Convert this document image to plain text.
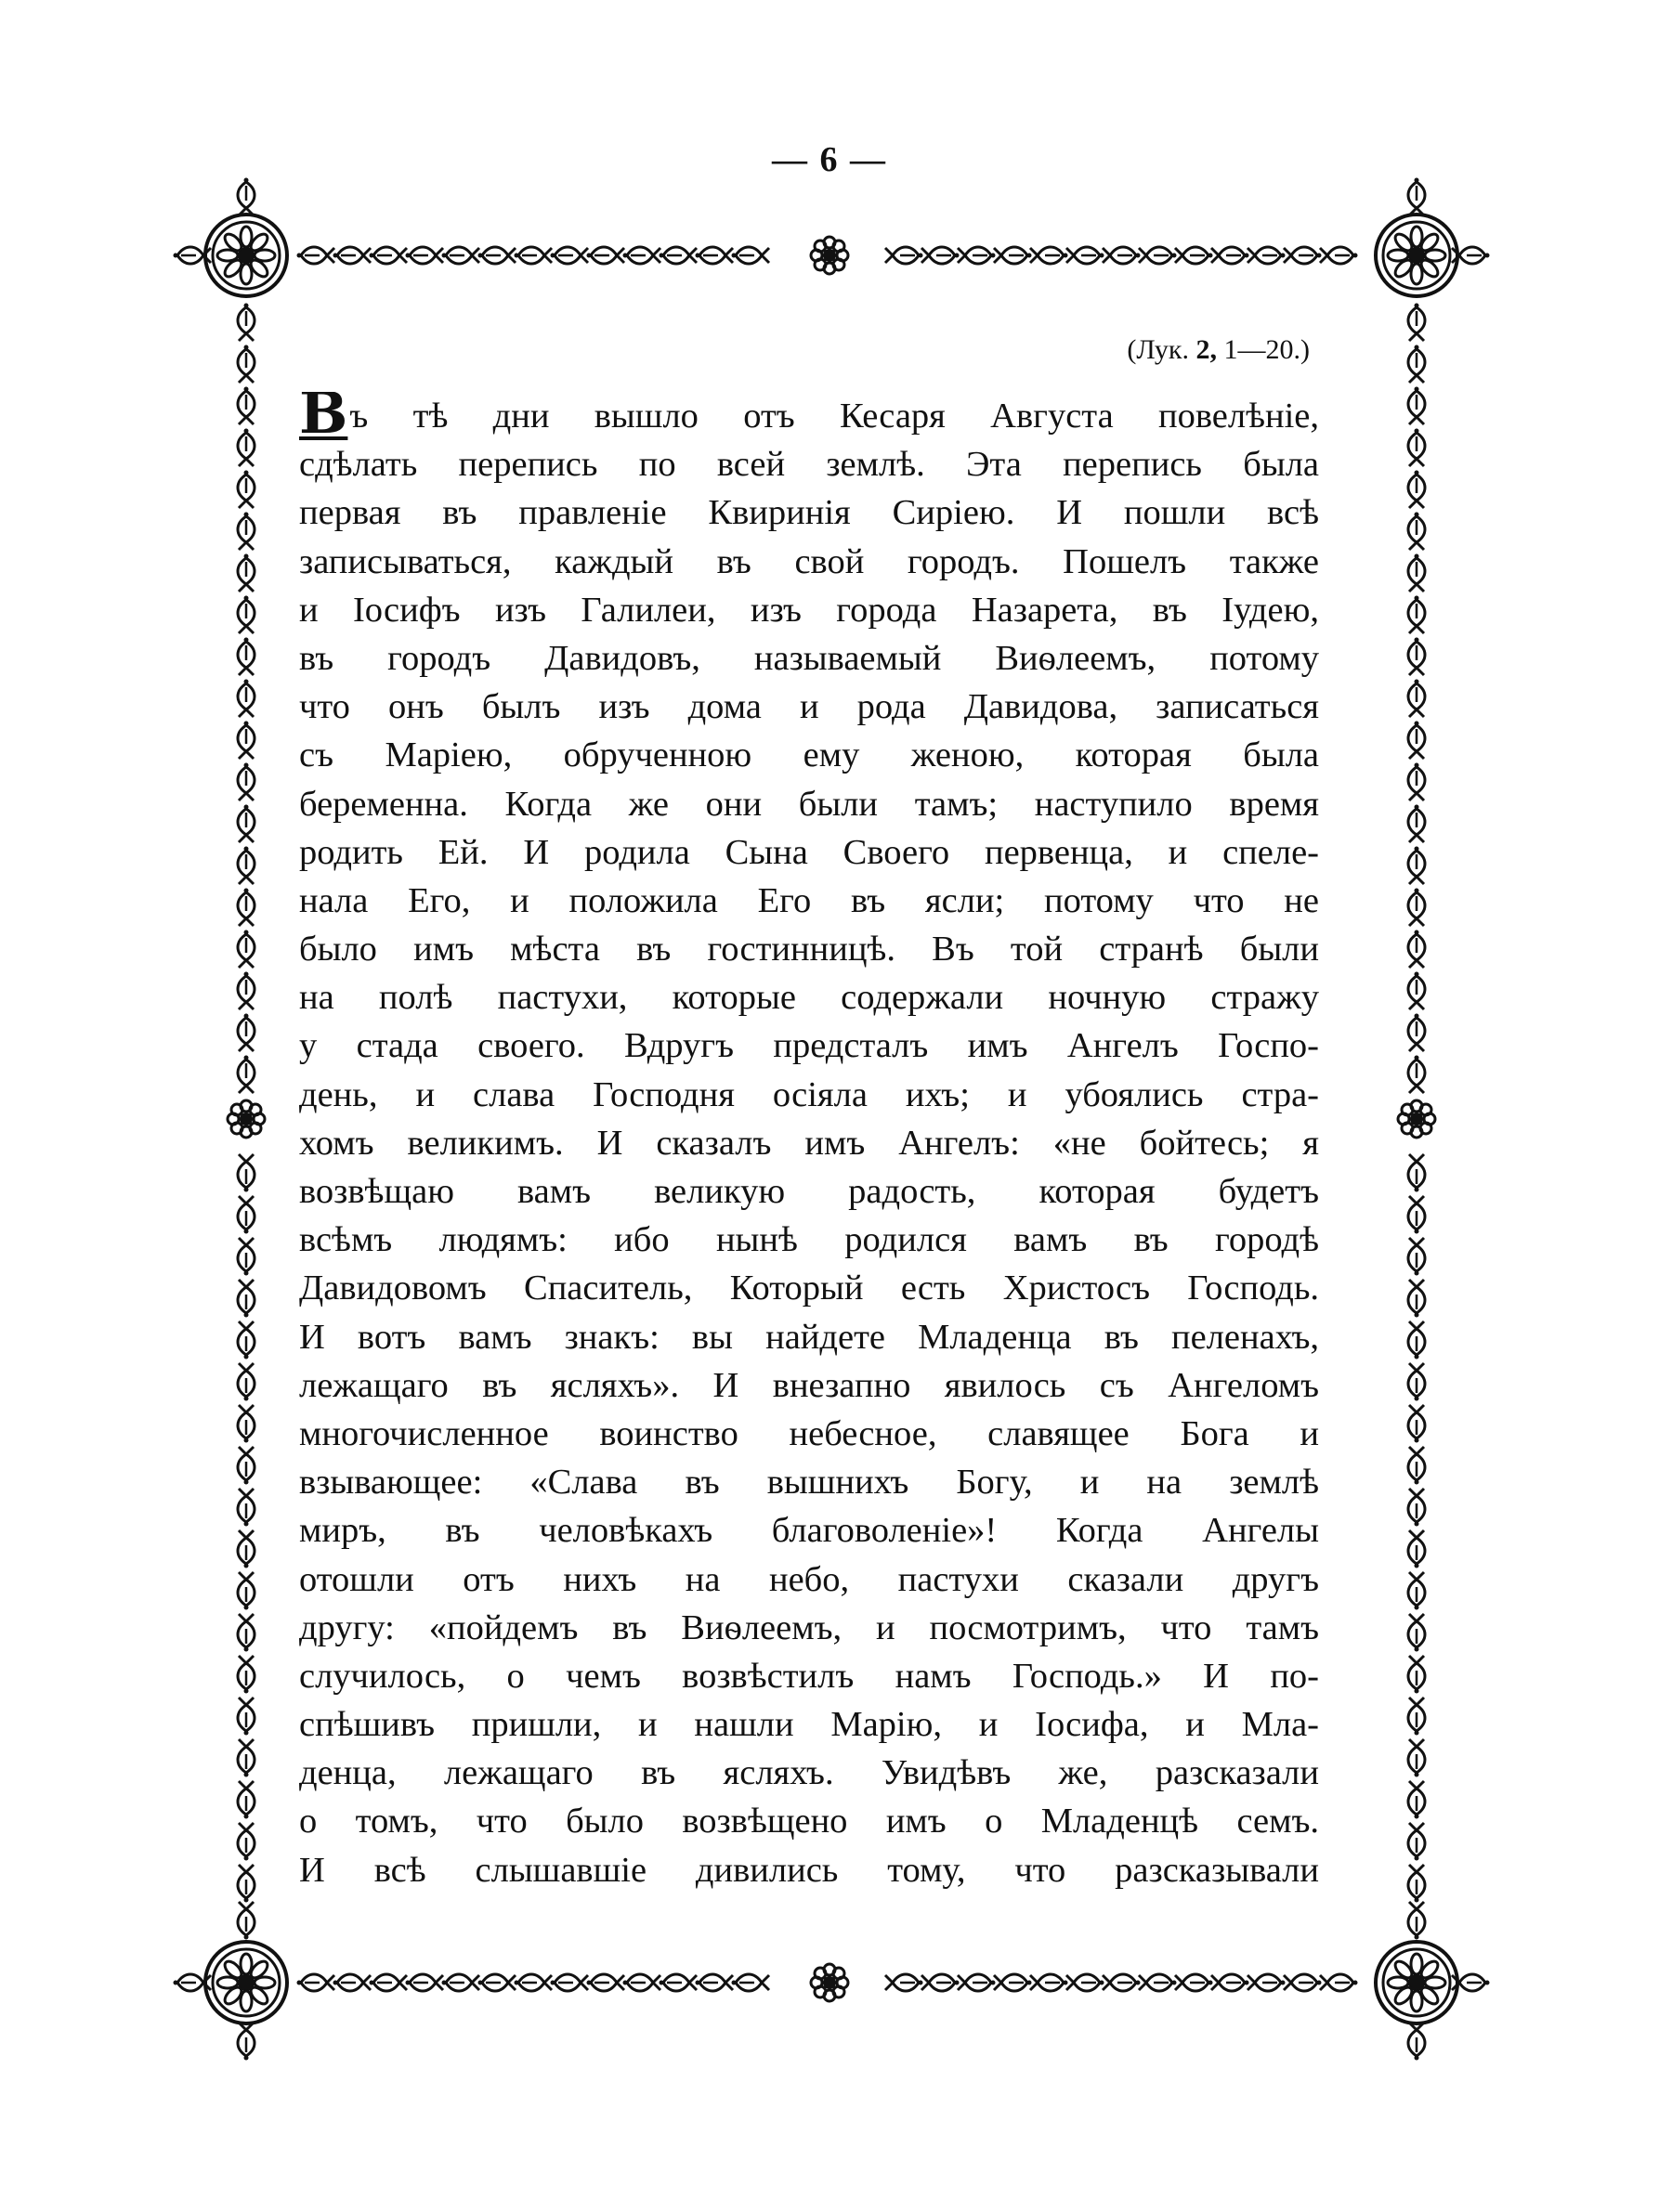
— 6 —
(Лук. 2, 1—20.)
Въ тѣ дни вышло отъ Кесаря Августа повелѣніе,
сдѣлать перепись по всей землѣ. Эта перепись была
первая въ правленіе Квиринія Сиріею. И пошли всѣ
записываться, каждый въ свой городъ. Пошелъ также
и Іосифъ изъ Галилеи, изъ города Назарета, въ Іудею,
въ городъ Давидовъ, называемый Виѳлеемъ, потому
что онъ былъ изъ дома и рода Давидова, записаться
съ Маріею, обрученною ему женою, которая была
беременна. Когда же они были тамъ; наступило время
родить Ей. И родила Сына Своего первенца, и спеле-
нала Его, и положила Его въ ясли; потому что не
было имъ мѣста въ гостинницѣ. Въ той странѣ были
на полѣ пастухи, которые содержали ночную стражу
у стада своего. Вдругъ предсталъ имъ Ангелъ Госпо-
день, и слава Господня осіяла ихъ; и убоялись стра-
хомъ великимъ. И сказалъ имъ Ангелъ: «не бойтесь; я
возвѣщаю вамъ великую радость, которая будетъ
всѣмъ людямъ: ибо нынѣ родился вамъ въ городѣ
Давидовомъ Спаситель, Который есть Христосъ Господь.
И вотъ вамъ знакъ: вы найдете Младенца въ пеленахъ,
лежащаго въ ясляхъ». И внезапно явилось съ Ангеломъ
многочисленное воинство небесное, славящее Бога и
взывающее: «Слава въ вышнихъ Богу, и на землѣ
миръ, въ человѣкахъ благоволеніе»! Когда Ангелы
отошли отъ нихъ на небо, пастухи сказали другъ
другу: «пойдемъ въ Виѳлеемъ, и посмотримъ, что тамъ
случилось, о чемъ возвѣстилъ намъ Господь.» И по-
спѣшивъ пришли, и нашли Марію, и Іосифа, и Мла-
денца, лежащаго въ ясляхъ. Увидѣвъ же, разсказали
о томъ, что было возвѣщено имъ о Младенцѣ семъ.
И всѣ слышавшіе дивились тому, что разсказывали
